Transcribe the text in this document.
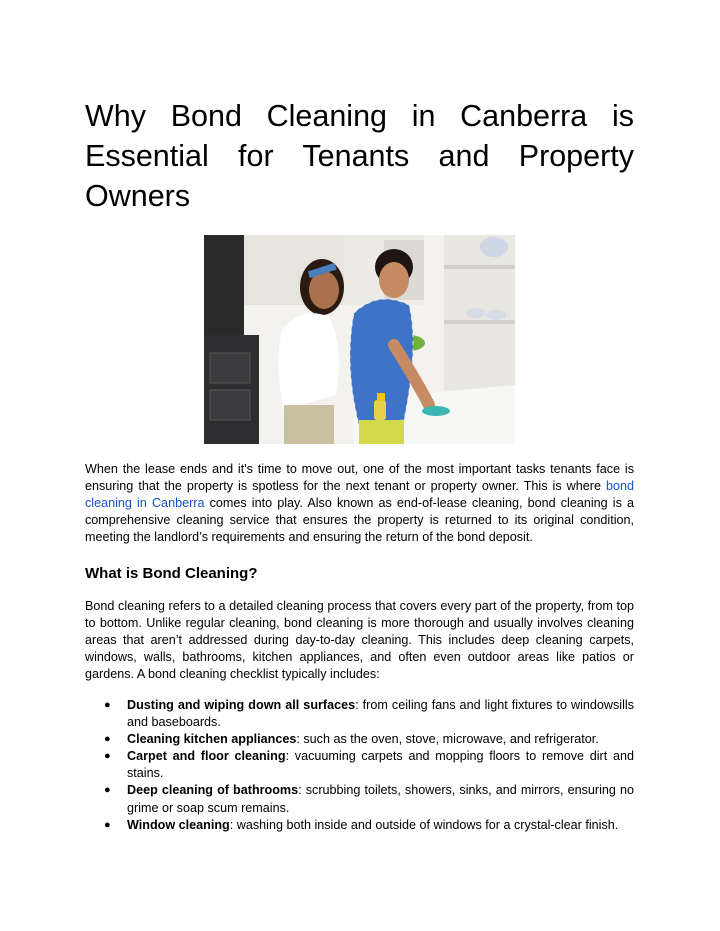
Why Bond Cleaning in Canberra is Essential for Tenants and Property Owners

When the lease ends and it's time to move out, one of the most important tasks tenants face is ensuring that the property is spotless for the next tenant or property owner. This is where bond cleaning in Canberra comes into play. Also known as end-of-lease cleaning, bond cleaning is a comprehensive cleaning service that ensures the property is returned to its original condition, meeting the landlord’s requirements and ensuring the return of the bond deposit.

What is Bond Cleaning?

Bond cleaning refers to a detailed cleaning process that covers every part of the property, from top to bottom. Unlike regular cleaning, bond cleaning is more thorough and usually involves cleaning areas that aren’t addressed during day-to-day cleaning. This includes deep cleaning carpets, windows, walls, bathrooms, kitchen appliances, and often even outdoor areas like patios or gardens. A bond cleaning checklist typically includes:

● Dusting and wiping down all surfaces: from ceiling fans and light fixtures to windowsills and baseboards.
● Cleaning kitchen appliances: such as the oven, stove, microwave, and refrigerator.
● Carpet and floor cleaning: vacuuming carpets and mopping floors to remove dirt and stains.
● Deep cleaning of bathrooms: scrubbing toilets, showers, sinks, and mirrors, ensuring no grime or soap scum remains.
● Window cleaning: washing both inside and outside of windows for a crystal-clear finish.
